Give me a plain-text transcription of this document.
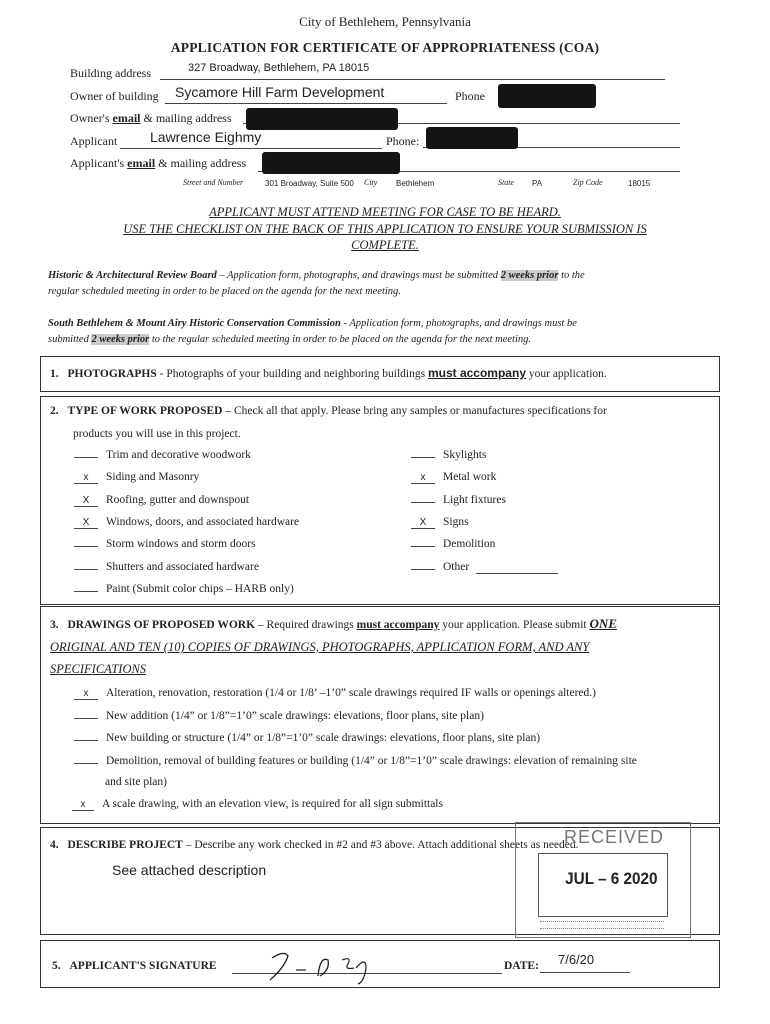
City of Bethlehem, Pennsylvania
APPLICATION FOR CERTIFICATE OF APPROPRIATENESS (COA)
Building address	327 Broadway, Bethlehem, PA 18015
Owner of building Sycamore Hill Farm Development	Phone
Owner's email & mailing address
Applicant Lawrence Eighmy	Phone:
Applicant's email & mailing address
Street and Number	301 Broadway, Suite 500 City Bethlehem	State PA	Zip Code	18015
APPLICANT MUST ATTEND MEETING FOR CASE TO BE HEARD.
USE THE CHECKLIST ON THE BACK OF THIS APPLICATION TO ENSURE YOUR SUBMISSION IS
COMPLETE.
Historic & Architectural Review Board – Application form, photographs, and drawings must be submitted 2 weeks prior to the
regular scheduled meeting in order to be placed on the agenda for the next meeting.
South Bethlehem & Mount Airy Historic Conservation Commission - Application form, photographs, and drawings must be
submitted 2 weeks prior to the regular scheduled meeting in order to be placed on the agenda for the next meeting.
1. PHOTOGRAPHS - Photographs of your building and neighboring buildings must accompany your application.
2. TYPE OF WORK PROPOSED – Check all that apply. Please bring any samples or manufactures specifications for
products you will use in this project.
Trim and decorative woodwork
x Siding and Masonry
X Roofing, gutter and downspout
X Windows, doors, and associated hardware
Storm windows and storm doors
Shutters and associated hardware
Paint (Submit color chips – HARB only)
Skylights
x Metal work
Light fixtures
X Signs
Demolition
Other
3. DRAWINGS OF PROPOSED WORK – Required drawings must accompany your application. Please submit ONE
ORIGINAL AND TEN (10) COPIES OF DRAWINGS, PHOTOGRAPHS, APPLICATION FORM, AND ANY
SPECIFICATIONS
x Alteration, renovation, restoration (1/4 or 1/8’ –1’0” scale drawings required IF walls or openings altered.)
New addition (1/4” or 1/8”=1’0” scale drawings: elevations, floor plans, site plan)
New building or structure (1/4” or 1/8”=1’0” scale drawings: elevations, floor plans, site plan)
Demolition, removal of building features or building (1/4” or 1/8”=1’0” scale drawings: elevation of remaining site
and site plan)
x A scale drawing, with an elevation view, is required for all sign submittals
4. DESCRIBE PROJECT – Describe any work checked in #2 and #3 above. Attach additional sheets as needed.
See attached description
RECEIVED
JUL – 6 2020
5. APPLICANT'S SIGNATURE	DATE: 7/6/20
